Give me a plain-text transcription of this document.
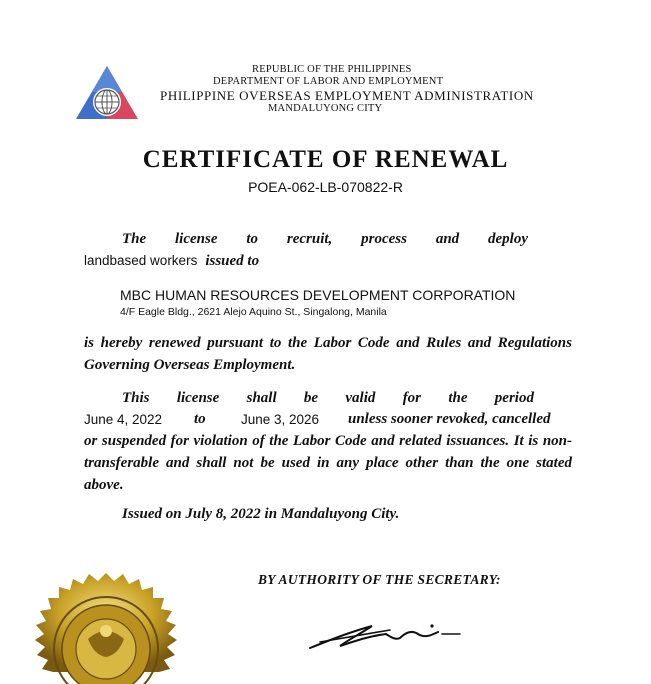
REPUBLIC OF THE PHILIPPINES
DEPARTMENT OF LABOR AND EMPLOYMENT
PHILIPPINE OVERSEAS EMPLOYMENT ADMINISTRATION
MANDALUYONG CITY
CERTIFICATE OF RENEWAL
POEA-062-LB-070822-R
The license to recruit, process and deploy
landbased workers issued to
MBC HUMAN RESOURCES DEVELOPMENT CORPORATION
4/F Eagle Bldg., 2621 Alejo Aquino St., Singalong, Manila
is hereby renewed pursuant to the Labor Code and Rules and Regulations Governing Overseas Employment.
This license shall be valid for the period
June 4, 2022 to	June 3, 2026 unless sooner revoked, cancelled
or suspended for violation of the Labor Code and related issuances. It is non-transferable and shall not be used in any place other than the one stated above.
Issued on July 8, 2022 in Mandaluyong City.
BY AUTHORITY OF THE SECRETARY:
